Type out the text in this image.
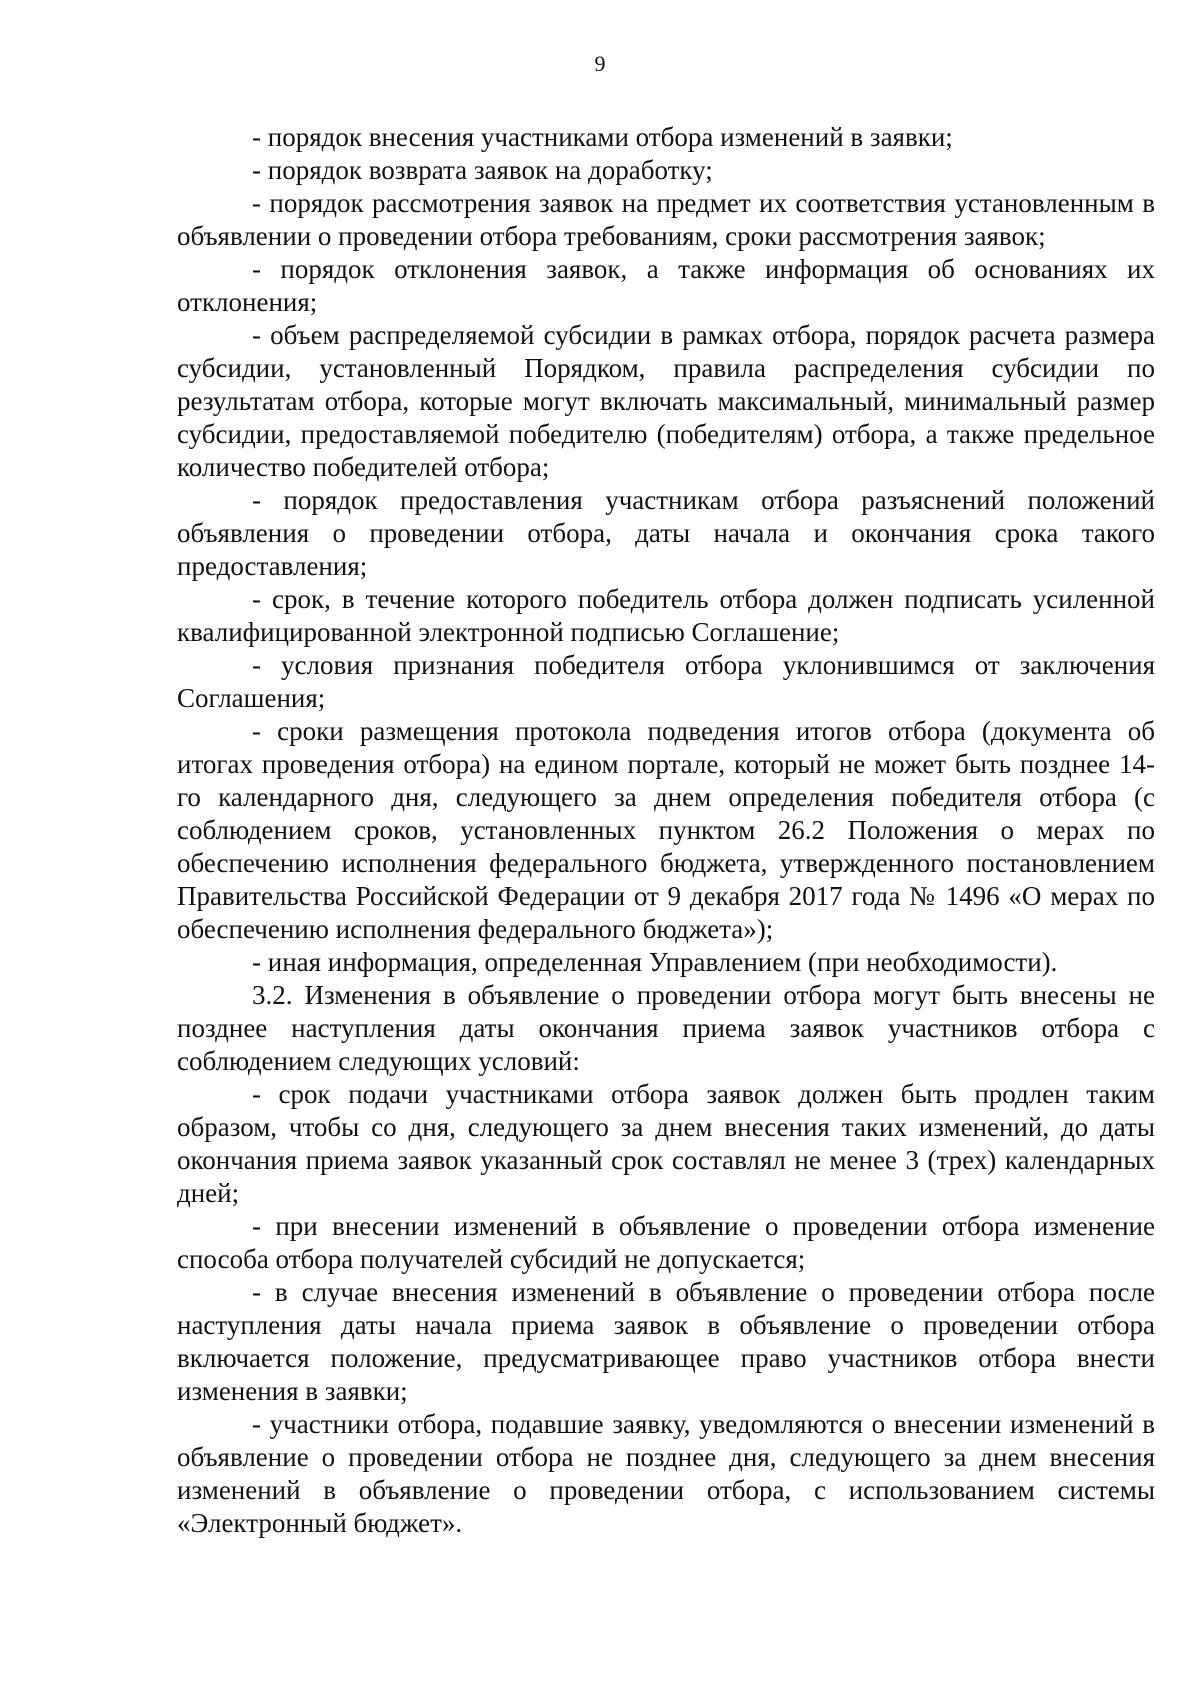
9

- порядок внесения участниками отбора изменений в заявки;

- порядок возврата заявок на доработку;

- порядок рассмотрения заявок на предмет их соответствия установленным в объявлении о проведении отбора требованиям, сроки рассмотрения заявок;

- порядок отклонения заявок, а также информация об основаниях их отклонения;

- объем распределяемой субсидии в рамках отбора, порядок расчета размера субсидии, установленный Порядком, правила распределения субсидии по результатам отбора, которые могут включать максимальный, минимальный размер субсидии, предоставляемой победителю (победителям) отбора, а также предельное количество победителей отбора;

- порядок предоставления участникам отбора разъяснений положений объявления о проведении отбора, даты начала и окончания срока такого предоставления;

- срок, в течение которого победитель отбора должен подписать усиленной квалифицированной электронной подписью Соглашение;

- условия признания победителя отбора уклонившимся от заключения Соглашения;

- сроки размещения протокола подведения итогов отбора (документа об итогах проведения отбора) на едином портале, который не может быть позднее 14-го календарного дня, следующего за днем определения победителя отбора (с соблюдением сроков, установленных пунктом 26.2 Положения о мерах по обеспечению исполнения федерального бюджета, утвержденного постановлением Правительства Российской Федерации от 9 декабря 2017 года № 1496 «О мерах по обеспечению исполнения федерального бюджета»);

- иная информация, определенная Управлением (при необходимости).

3.2. Изменения в объявление о проведении отбора могут быть внесены не позднее наступления даты окончания приема заявок участников отбора с соблюдением следующих условий:

- срок подачи участниками отбора заявок должен быть продлен таким образом, чтобы со дня, следующего за днем внесения таких изменений, до даты окончания приема заявок указанный срок составлял не менее 3 (трех) календарных дней;

- при внесении изменений в объявление о проведении отбора изменение способа отбора получателей субсидий не допускается;

- в случае внесения изменений в объявление о проведении отбора после наступления даты начала приема заявок в объявление о проведении отбора включается положение, предусматривающее право участников отбора внести изменения в заявки;

- участники отбора, подавшие заявку, уведомляются о внесении изменений в объявление о проведении отбора не позднее дня, следующего за днем внесения изменений в объявление о проведении отбора, с использованием системы «Электронный бюджет».
